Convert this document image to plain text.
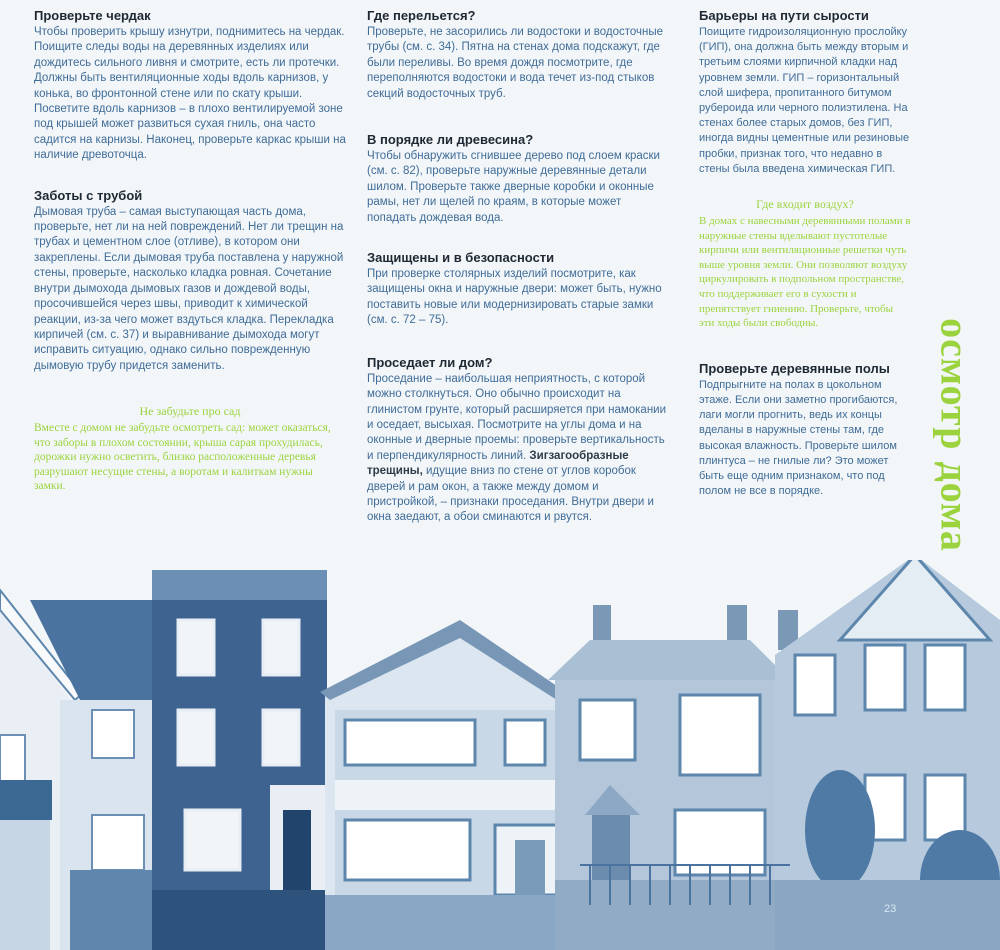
Проверьте чердак

Чтобы проверить крышу изнутри, поднимитесь на чердак. Поищите следы воды на деревянных изделиях или дождитесь сильного ливня и смотрите, есть ли протечки. Должны быть вентиляционные ходы вдоль карнизов, у конька, во фронтонной стене или по скату крыши. Посветите вдоль карнизов – в плохо вентилируемой зоне под крышей может развиться сухая гниль, она часто садится на карнизы. Наконец, проверьте каркас крыши на наличие древоточца.

Заботы с трубой

Дымовая труба – самая выступающая часть дома, проверьте, нет ли на ней повреждений. Нет ли трещин на трубах и цементном слое (отливе), в котором они закреплены. Если дымовая труба поставлена у наружной стены, проверьте, насколько кладка ровная. Сочетание внутри дымохода дымовых газов и дождевой воды, просочившейся через швы, приводит к химической реакции, из-за чего может вздуться кладка. Перекладка кирпичей (см. с. 37) и выравнивание дымохода могут исправить ситуацию, однако сильно поврежденную дымовую трубу придется заменить.

Не забудьте про сад

Вместе с домом не забудьте осмотреть сад: может оказаться, что заборы в плохом состоянии, крыша сарая прохудилась, дорожки нужно осветить, близко расположенные деревья разрушают несущие стены, а воротам и калиткам нужны замки.

Где перельется?

Проверьте, не засорились ли водостоки и водосточные трубы (см. с. 34). Пятна на стенах дома подскажут, где были переливы. Во время дождя посмотрите, где переполняются водостоки и вода течет из-под стыков секций водосточных труб.

В порядке ли древесина?

Чтобы обнаружить сгнившее дерево под слоем краски (см. с. 82), проверьте наружные деревянные детали шилом. Проверьте также дверные коробки и оконные рамы, нет ли щелей по краям, в которые может попадать дождевая вода.

Защищены и в безопасности

При проверке столярных изделий посмотрите, как защищены окна и наружные двери: может быть, нужно поставить новые или модернизировать старые замки (см. с. 72 – 75).

Проседает ли дом?

Проседание – наибольшая неприятность, с которой можно столкнуться. Оно обычно происходит на глинистом грунте, который расширяется при намокании и оседает, высыхая. Посмотрите на углы дома и на оконные и дверные проемы: проверьте вертикальность и перпендикулярность линий. Зигзагообразные трещины, идущие вниз по стене от углов коробок дверей и рам окон, а также между домом и пристройкой, – признаки проседания. Внутри двери и окна заедают, а обои сминаются и рвутся.

Барьеры на пути сырости

Поищите гидроизоляционную прослойку (ГИП), она должна быть между вторым и третьим слоями кирпичной кладки над уровнем земли. ГИП – горизонтальный слой шифера, пропитанного битумом рубероида или черного полиэтилена. На стенах более старых домов, без ГИП, иногда видны цементные или резиновые пробки, признак того, что недавно в стены была введена химическая ГИП.

Где входит воздух?

В домах с навесными деревянными полами в наружные стены вделывают пустотелые кирпичи или вентиляционные решетки чуть выше уровня земли. Они позволяют воздуху циркулировать в подпольном пространстве, что поддерживает его в сухости и препятствует гниению. Проверьте, чтобы эти ходы были свободны.

Проверьте деревянные полы

Подпрыгните на полах в цокольном этаже. Если они заметно прогибаются, лаги могли прогнить, ведь их концы вделаны в наружные стены там, где высокая влажность. Проверьте шилом плинтуса – не гнилые ли? Это может быть еще одним признаком, что под полом не все в порядке.	осмотр дома
23
